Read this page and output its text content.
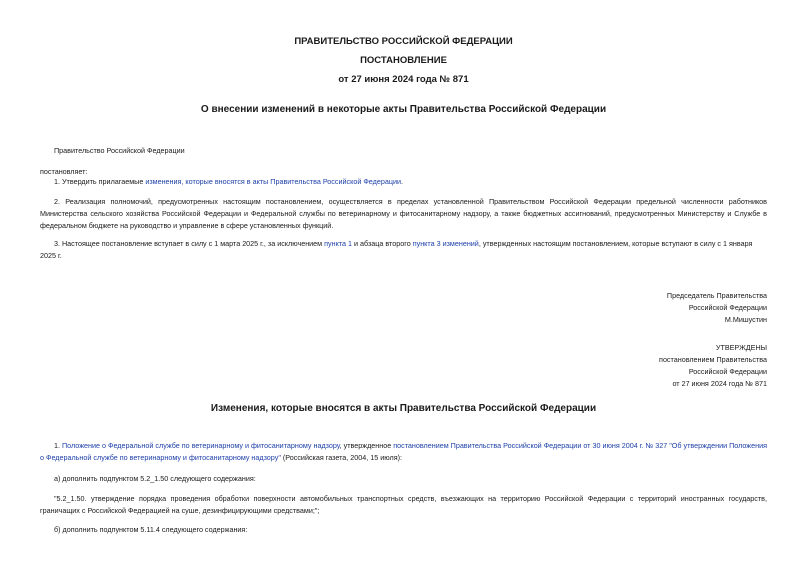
ПРАВИТЕЛЬСТВО РОССИЙСКОЙ ФЕДЕРАЦИИ
ПОСТАНОВЛЕНИЕ
от 27 июня 2024 года № 871
О внесении изменений в некоторые акты Правительства Российской Федерации
Правительство Российской Федерации
постановляет:
1. Утвердить прилагаемые изменения, которые вносятся в акты Правительства Российской Федерации.
2. Реализация полномочий, предусмотренных настоящим постановлением, осуществляется в пределах установленной Правительством Российской Федерации предельной численности работников Министерства сельского хозяйства Российской Федерации и Федеральной службы по ветеринарному и фитосанитарному надзору, а также бюджетных ассигнований, предусмотренных Министерству и Службе в федеральном бюджете на руководство и управление в сфере установленных функций.
3. Настоящее постановление вступает в силу с 1 марта 2025 г., за исключением пункта 1 и абзаца второго пункта 3 изменений, утвержденных настоящим постановлением, которые вступают в силу с 1 января 2025 г.
Председатель Правительства
Российской Федерации
М.Мишустин
УТВЕРЖДЕНЫ
постановлением Правительства
Российской Федерации
от 27 июня 2024 года № 871
Изменения, которые вносятся в акты Правительства Российской Федерации
1. Положение о Федеральной службе по ветеринарному и фитосанитарному надзору, утвержденное постановлением Правительства Российской Федерации от 30 июня 2004 г. № 327 "Об утверждении Положения о Федеральной службе по ветеринарному и фитосанитарному надзору" (Российская газета, 2004, 15 июля):
а) дополнить подпунктом 5.2_1.50 следующего содержания:
"5.2_1.50. утверждение порядка проведения обработки поверхности автомобильных транспортных средств, въезжающих на территорию Российской Федерации с территорий иностранных государств, граничащих с Российской Федерацией на суше, дезинфицирующими средствами;";
б) дополнить подпунктом 5.11.4 следующего содержания:
